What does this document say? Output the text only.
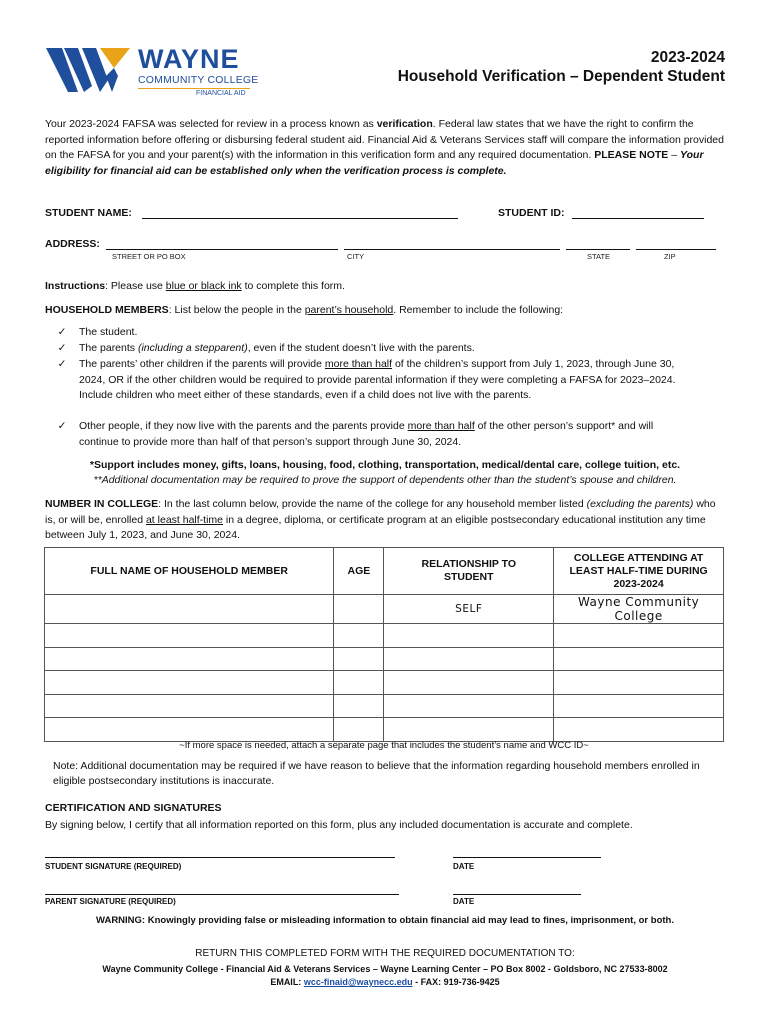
WAYNE
COMMUNITY COLLEGE
FINANCIAL AID
2023-2024
Household Verification – Dependent Student
Your 2023-2024 FAFSA was selected for review in a process known as verification. Federal law states that we have the right to confirm the reported information before offering or disbursing federal student aid. Financial Aid & Veterans Services staff will compare the information provided on the FAFSA for you and your parent(s) with the information in this verification form and any required documentation. PLEASE NOTE – Your eligibility for financial aid can be established only when the verification process is complete.
STUDENT NAME:	STUDENT ID:
ADDRESS:
STREET OR PO BOX	CITY	STATE	ZIP
Instructions: Please use blue or black ink to complete this form.
HOUSEHOLD MEMBERS: List below the people in the parent’s household. Remember to include the following:
✓ The student.
✓ The parents (including a stepparent), even if the student doesn’t live with the parents.
✓ The parents’ other children if the parents will provide more than half of the children’s support from July 1, 2023, through June 30, 2024, OR if the other children would be required to provide parental information if they were completing a FAFSA for 2023–2024. Include children who meet either of these standards, even if a child does not live with the parents.
✓ Other people, if they now live with the parents and the parents provide more than half of the other person’s support* and will continue to provide more than half of that person’s support through June 30, 2024.
*Support includes money, gifts, loans, housing, food, clothing, transportation, medical/dental care, college tuition, etc.
**Additional documentation may be required to prove the support of dependents other than the student’s spouse and children.
NUMBER IN COLLEGE: In the last column below, provide the name of the college for any household member listed (excluding the parents) who is, or will be, enrolled at least half-time in a degree, diploma, or certificate program at an eligible postsecondary educational institution any time between July 1, 2023, and June 30, 2024.
FULL NAME OF HOUSEHOLD MEMBER	AGE	RELATIONSHIP TO STUDENT	COLLEGE ATTENDING AT LEAST HALF-TIME DURING 2023-2024
		SELF	Wayne Community College

~If more space is needed, attach a separate page that includes the student’s name and WCC ID~
Note: Additional documentation may be required if we have reason to believe that the information regarding household members enrolled in eligible postsecondary institutions is inaccurate.
CERTIFICATION AND SIGNATURES
By signing below, I certify that all information reported on this form, plus any included documentation is accurate and complete.
STUDENT SIGNATURE (REQUIRED)	DATE
PARENT SIGNATURE (REQUIRED)	DATE
WARNING: Knowingly providing false or misleading information to obtain financial aid may lead to fines, imprisonment, or both.
RETURN THIS COMPLETED FORM WITH THE REQUIRED DOCUMENTATION TO:
Wayne Community College - Financial Aid & Veterans Services – Wayne Learning Center – PO Box 8002 - Goldsboro, NC 27533-8002
EMAIL: wcc-finaid@waynecc.edu - FAX: 919-736-9425
